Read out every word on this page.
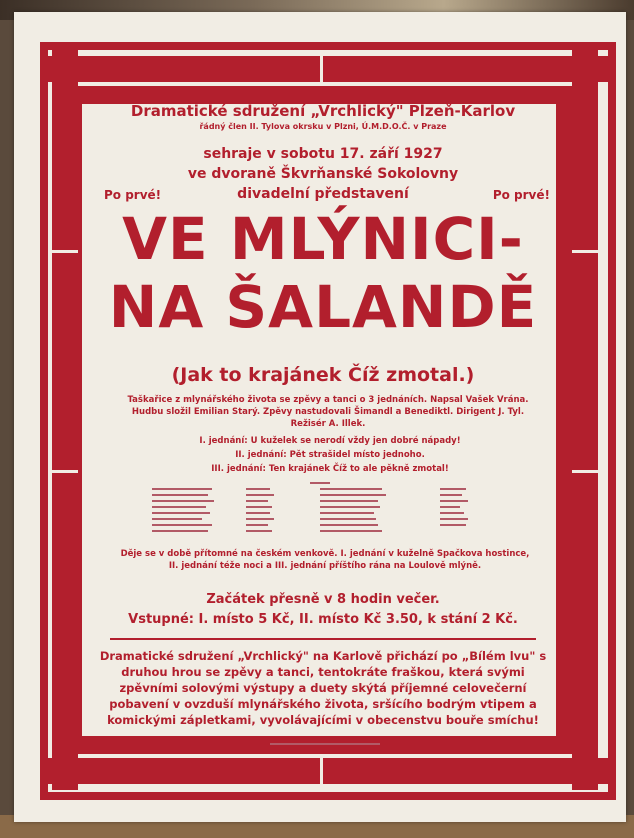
Dramatické sdružení „Vrchlický" Plzeň-Karlov
řádný člen II. Tylova okrsku v Plzni, Ú.M.D.O.Č. v Praze
sehraje v sobotu 17. září 1927
ve dvoraně Škvrňanské Sokolovny
divadelní představení
Po prvé!	Po prvé!
VE MLÝNICI-
NA ŠALANDĚ
(Jak to krajánek Číž zmotal.)
Taškařice z mlynářského života se zpěvy a tanci o 3 jednáních. Napsal Vašek Vrána. Hudbu složil Emilian Starý. Zpěvy nastudovali Šimandl a Benediktl. Dirigent J. Tyl. Režisér A. Illek.
I. jednání: U kuželek se nerodí vždy jen dobré nápady!
II. jednání: Pět strašidel místo jednoho.
III. jednání: Ten krajánek Číž to ale pěkně zmotal!
Děje se v době přítomné na českém venkově. I. jednání v kuželně Spačkova hostince, II. jednání téže noci a III. jednání příštího rána na Loulově mlýně.
Začátek přesně v 8 hodin večer.
Vstupné: I. místo 5 Kč, II. místo Kč 3.50, k stání 2 Kč.
Dramatické sdružení „Vrchlický" na Karlově přichází po „Bílém lvu" s druhou hrou se zpěvy a tanci, tentokráte fraškou, která svými zpěvními solovými výstupy a duety skýtá příjemné celovečerní pobavení v ovzduší mlynářského života, sršícího bodrým vtipem a komickými zápletkami, vyvolávajícími v obecenstvu bouře smíchu!
